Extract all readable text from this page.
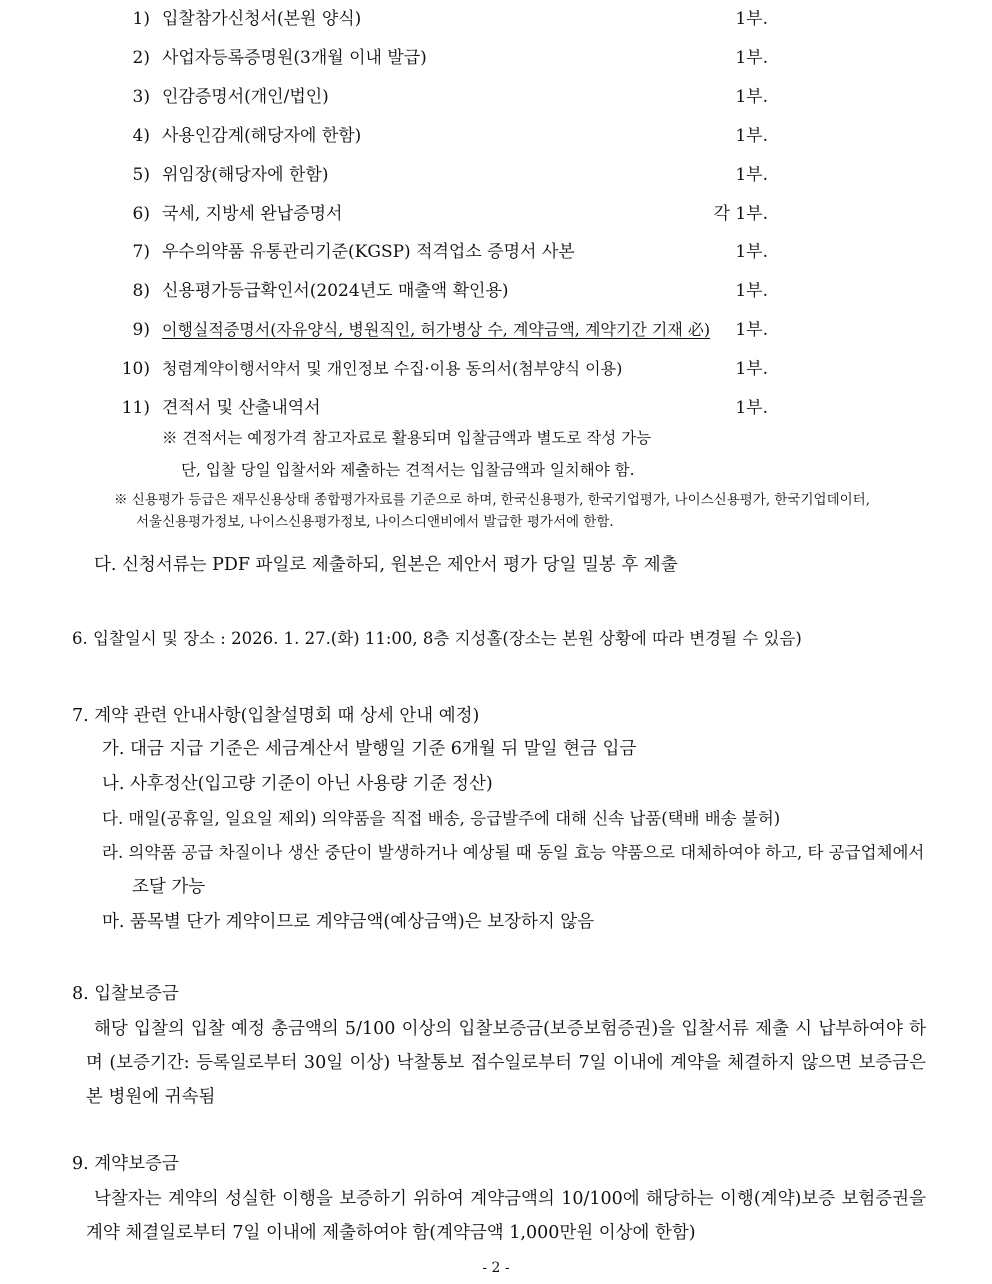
1) 입찰참가신청서(본원 양식)	1부.
2) 사업자등록증명원(3개월 이내 발급)	1부.
3) 인감증명서(개인/법인)	1부.
4) 사용인감계(해당자에 한함)	1부.
5) 위임장(해당자에 한함)	1부.
6) 국세, 지방세 완납증명서	각 1부.
7) 우수의약품 유통관리기준(KGSP) 적격업소 증명서 사본	1부.
8) 신용평가등급확인서(2024년도 매출액 확인용)	1부.
9) 이행실적증명서(자유양식, 병원직인, 허가병상 수, 계약금액, 계약기간 기재 必)	1부.
10) 청렴계약이행서약서 및 개인정보 수집·이용 동의서(첨부양식 이용)	1부.
11) 견적서 및 산출내역서	1부.
※ 견적서는 예정가격 참고자료로 활용되며 입찰금액과 별도로 작성 가능
단, 입찰 당일 입찰서와 제출하는 견적서는 입찰금액과 일치해야 함.
※ 신용평가 등급은 재무신용상태 종합평가자료를 기준으로 하며, 한국신용평가, 한국기업평가, 나이스신용평가, 한국기업데이터,
서울신용평가정보, 나이스신용평가정보, 나이스디앤비에서 발급한 평가서에 한함.
다. 신청서류는 PDF 파일로 제출하되, 원본은 제안서 평가 당일 밀봉 후 제출
6. 입찰일시 및 장소 : 2026. 1. 27.(화) 11:00, 8층 지성홀(장소는 본원 상황에 따라 변경될 수 있음)
7. 계약 관련 안내사항(입찰설명회 때 상세 안내 예정)
가. 대금 지급 기준은 세금계산서 발행일 기준 6개월 뒤 말일 현금 입금
나. 사후정산(입고량 기준이 아닌 사용량 기준 정산)
다. 매일(공휴일, 일요일 제외) 의약품을 직접 배송, 응급발주에 대해 신속 납품(택배 배송 불허)
라. 의약품 공급 차질이나 생산 중단이 발생하거나 예상될 때 동일 효능 약품으로 대체하여야 하고, 타 공급업체에서
조달 가능
마. 품목별 단가 계약이므로 계약금액(예상금액)은 보장하지 않음
8. 입찰보증금
해당 입찰의 입찰 예정 총금액의 5/100 이상의 입찰보증금(보증보험증권)을 입찰서류 제출 시 납부하여야 하며 (보증기간: 등록일로부터 30일 이상) 낙찰통보 접수일로부터 7일 이내에 계약을 체결하지 않으면 보증금은 본 병원에 귀속됨
9. 계약보증금
낙찰자는 계약의 성실한 이행을 보증하기 위하여 계약금액의 10/100에 해당하는 이행(계약)보증 보험증권을 계약 체결일로부터 7일 이내에 제출하여야 함(계약금액 1,000만원 이상에 한함)
- 2 -
